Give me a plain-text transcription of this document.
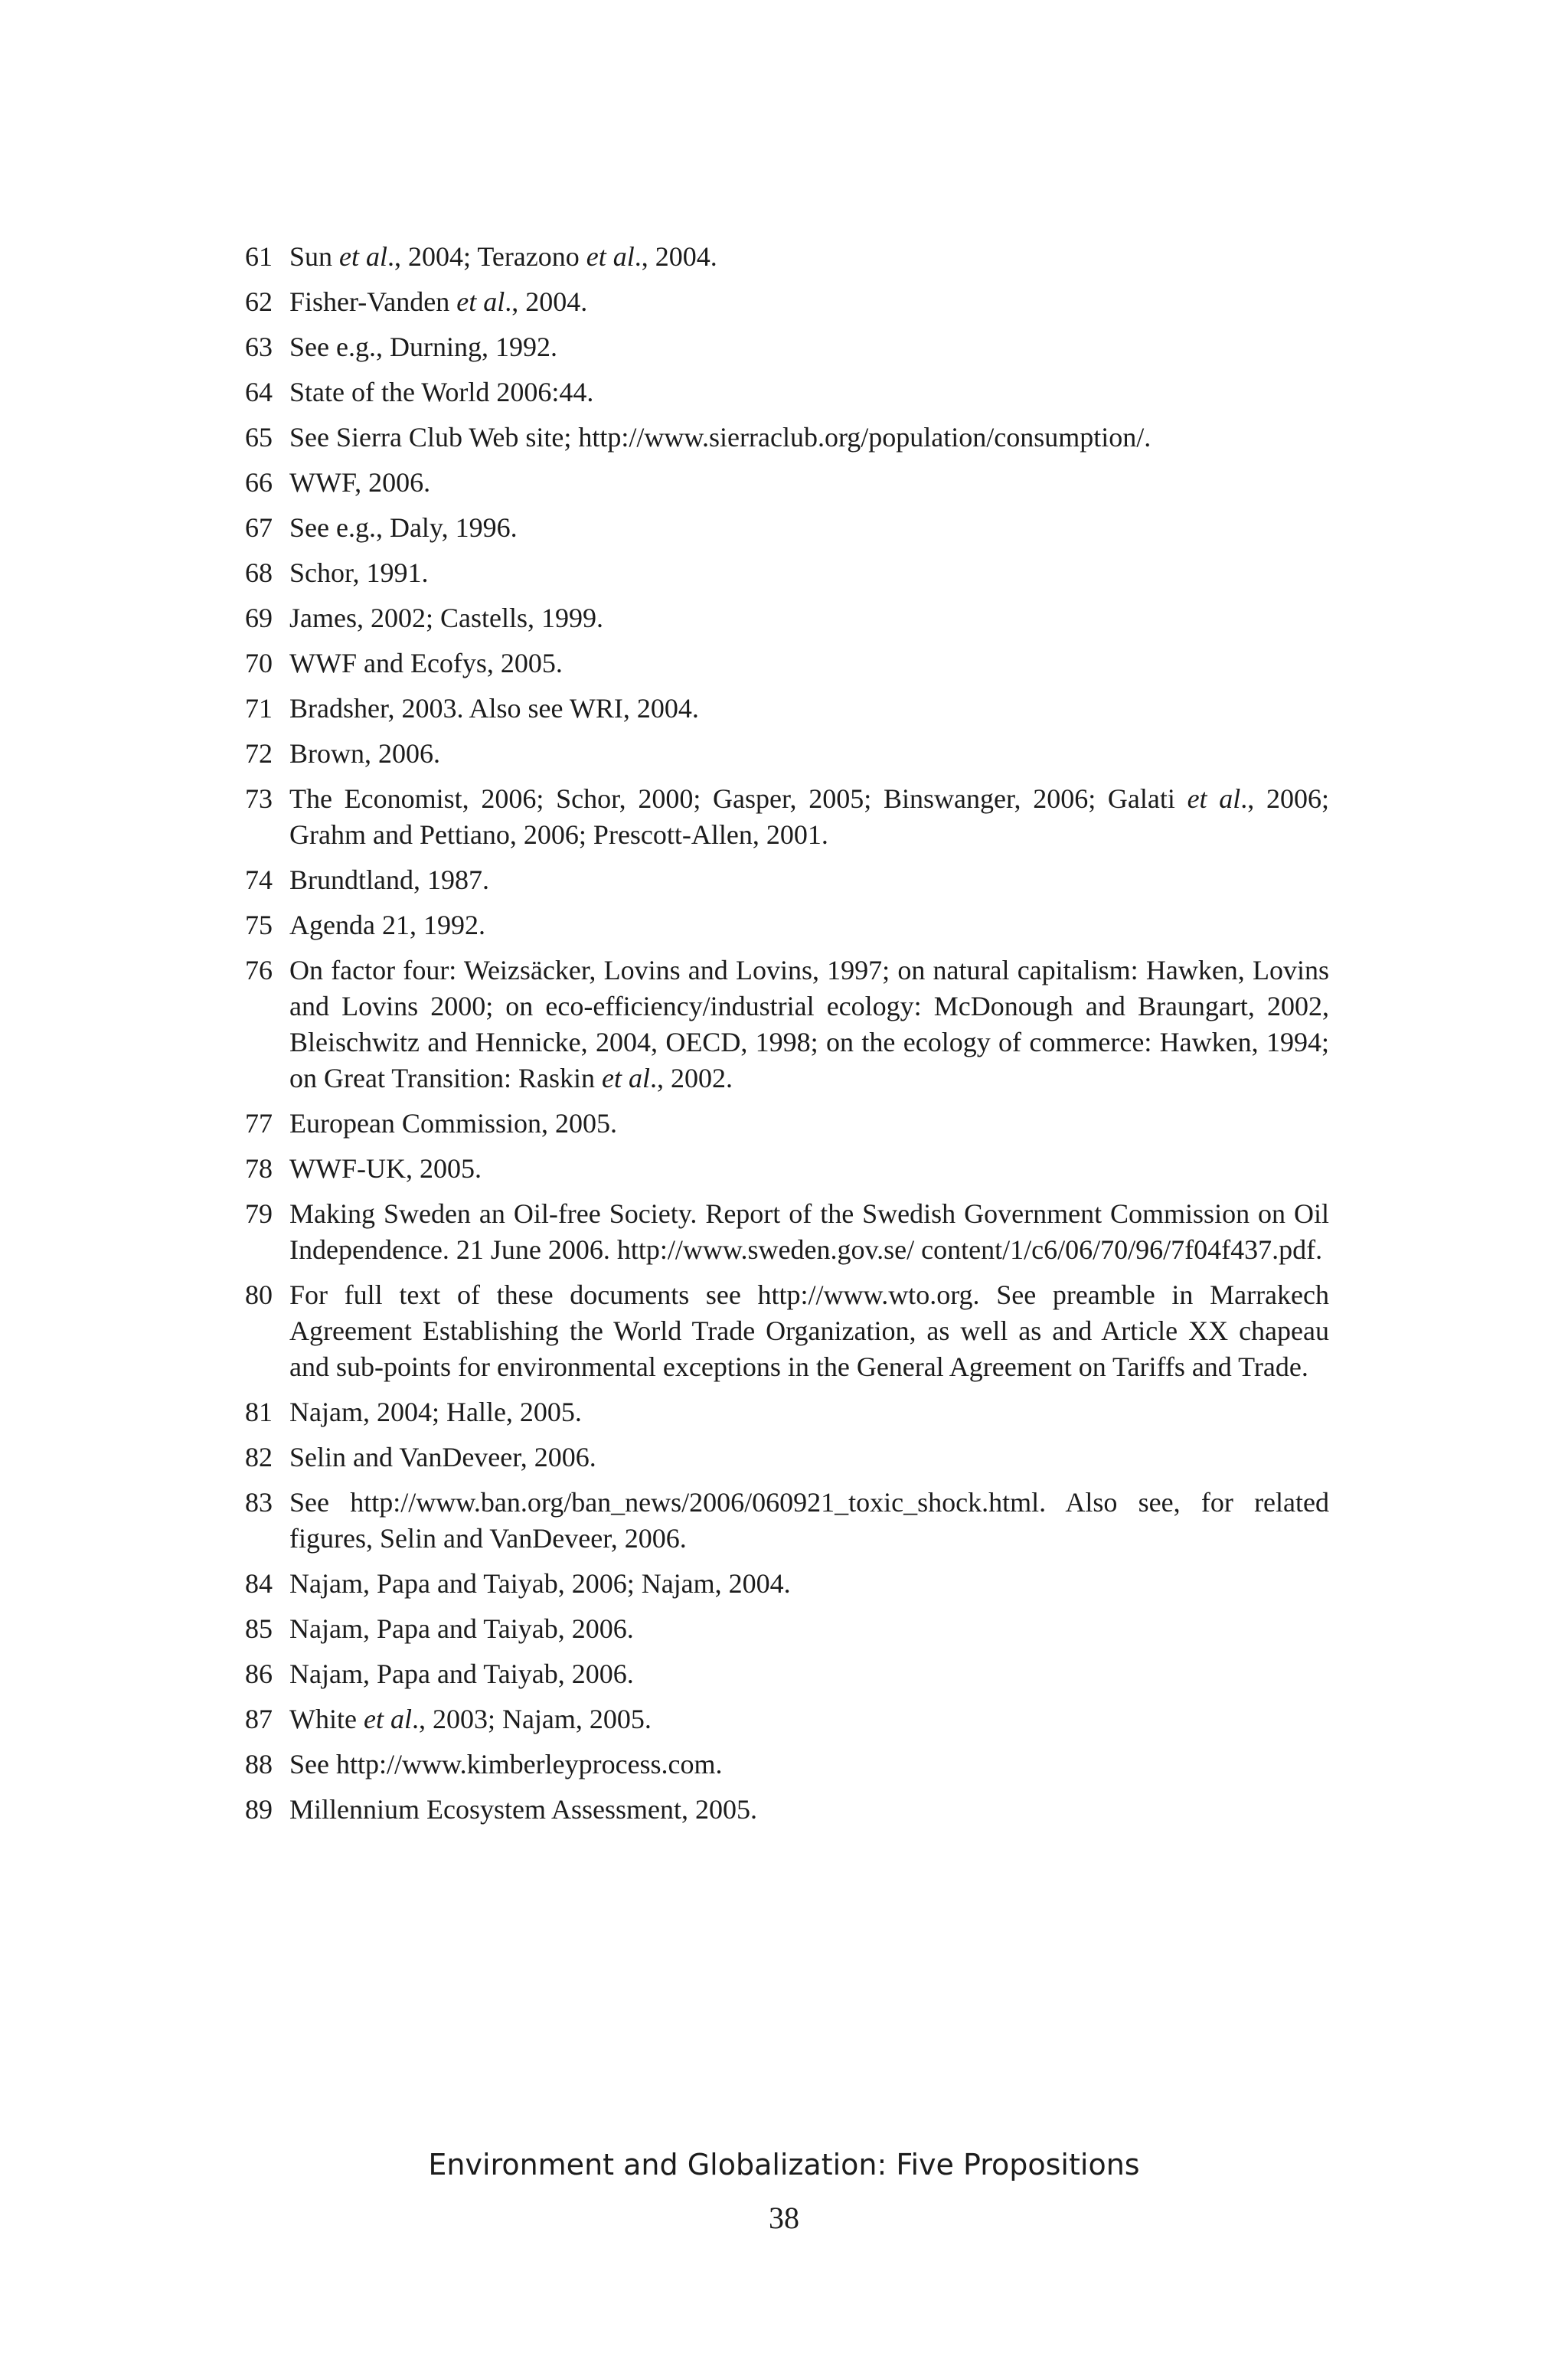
61 Sun et al., 2004; Terazono et al., 2004.
62 Fisher-Vanden et al., 2004.
63 See e.g., Durning, 1992.
64 State of the World 2006:44.
65 See Sierra Club Web site; http://www.sierraclub.org/population/consumption/.
66 WWF, 2006.
67 See e.g., Daly, 1996.
68 Schor, 1991.
69 James, 2002; Castells, 1999.
70 WWF and Ecofys, 2005.
71 Bradsher, 2003. Also see WRI, 2004.
72 Brown, 2006.
73 The Economist, 2006; Schor, 2000; Gasper, 2005; Binswanger, 2006; Galati et al., 2006; Grahm and Pettiano, 2006; Prescott-Allen, 2001.
74 Brundtland, 1987.
75 Agenda 21, 1992.
76 On factor four: Weizsäcker, Lovins and Lovins, 1997; on natural capitalism: Hawken, Lovins and Lovins 2000; on eco-efficiency/industrial ecology: McDonough and Braungart, 2002, Bleischwitz and Hennicke, 2004, OECD, 1998; on the ecology of commerce: Hawken, 1994; on Great Transition: Raskin et al., 2002.
77 European Commission, 2005.
78 WWF-UK, 2005.
79 Making Sweden an Oil-free Society. Report of the Swedish Government Commission on Oil Independence. 21 June 2006. http://www.sweden.gov.se/ content/1/c6/06/70/96/7f04f437.pdf.
80 For full text of these documents see http://www.wto.org. See preamble in Marrakech Agreement Establishing the World Trade Organization, as well as and Article XX chapeau and sub-points for environmental exceptions in the General Agreement on Tariffs and Trade.
81 Najam, 2004; Halle, 2005.
82 Selin and VanDeveer, 2006.
83 See http://www.ban.org/ban_news/2006/060921_toxic_shock.html. Also see, for related figures, Selin and VanDeveer, 2006.
84 Najam, Papa and Taiyab, 2006; Najam, 2004.
85 Najam, Papa and Taiyab, 2006.
86 Najam, Papa and Taiyab, 2006.
87 White et al., 2003; Najam, 2005.
88 See http://www.kimberleyprocess.com.
89 Millennium Ecosystem Assessment, 2005.
Environment and Globalization: Five Propositions
38
